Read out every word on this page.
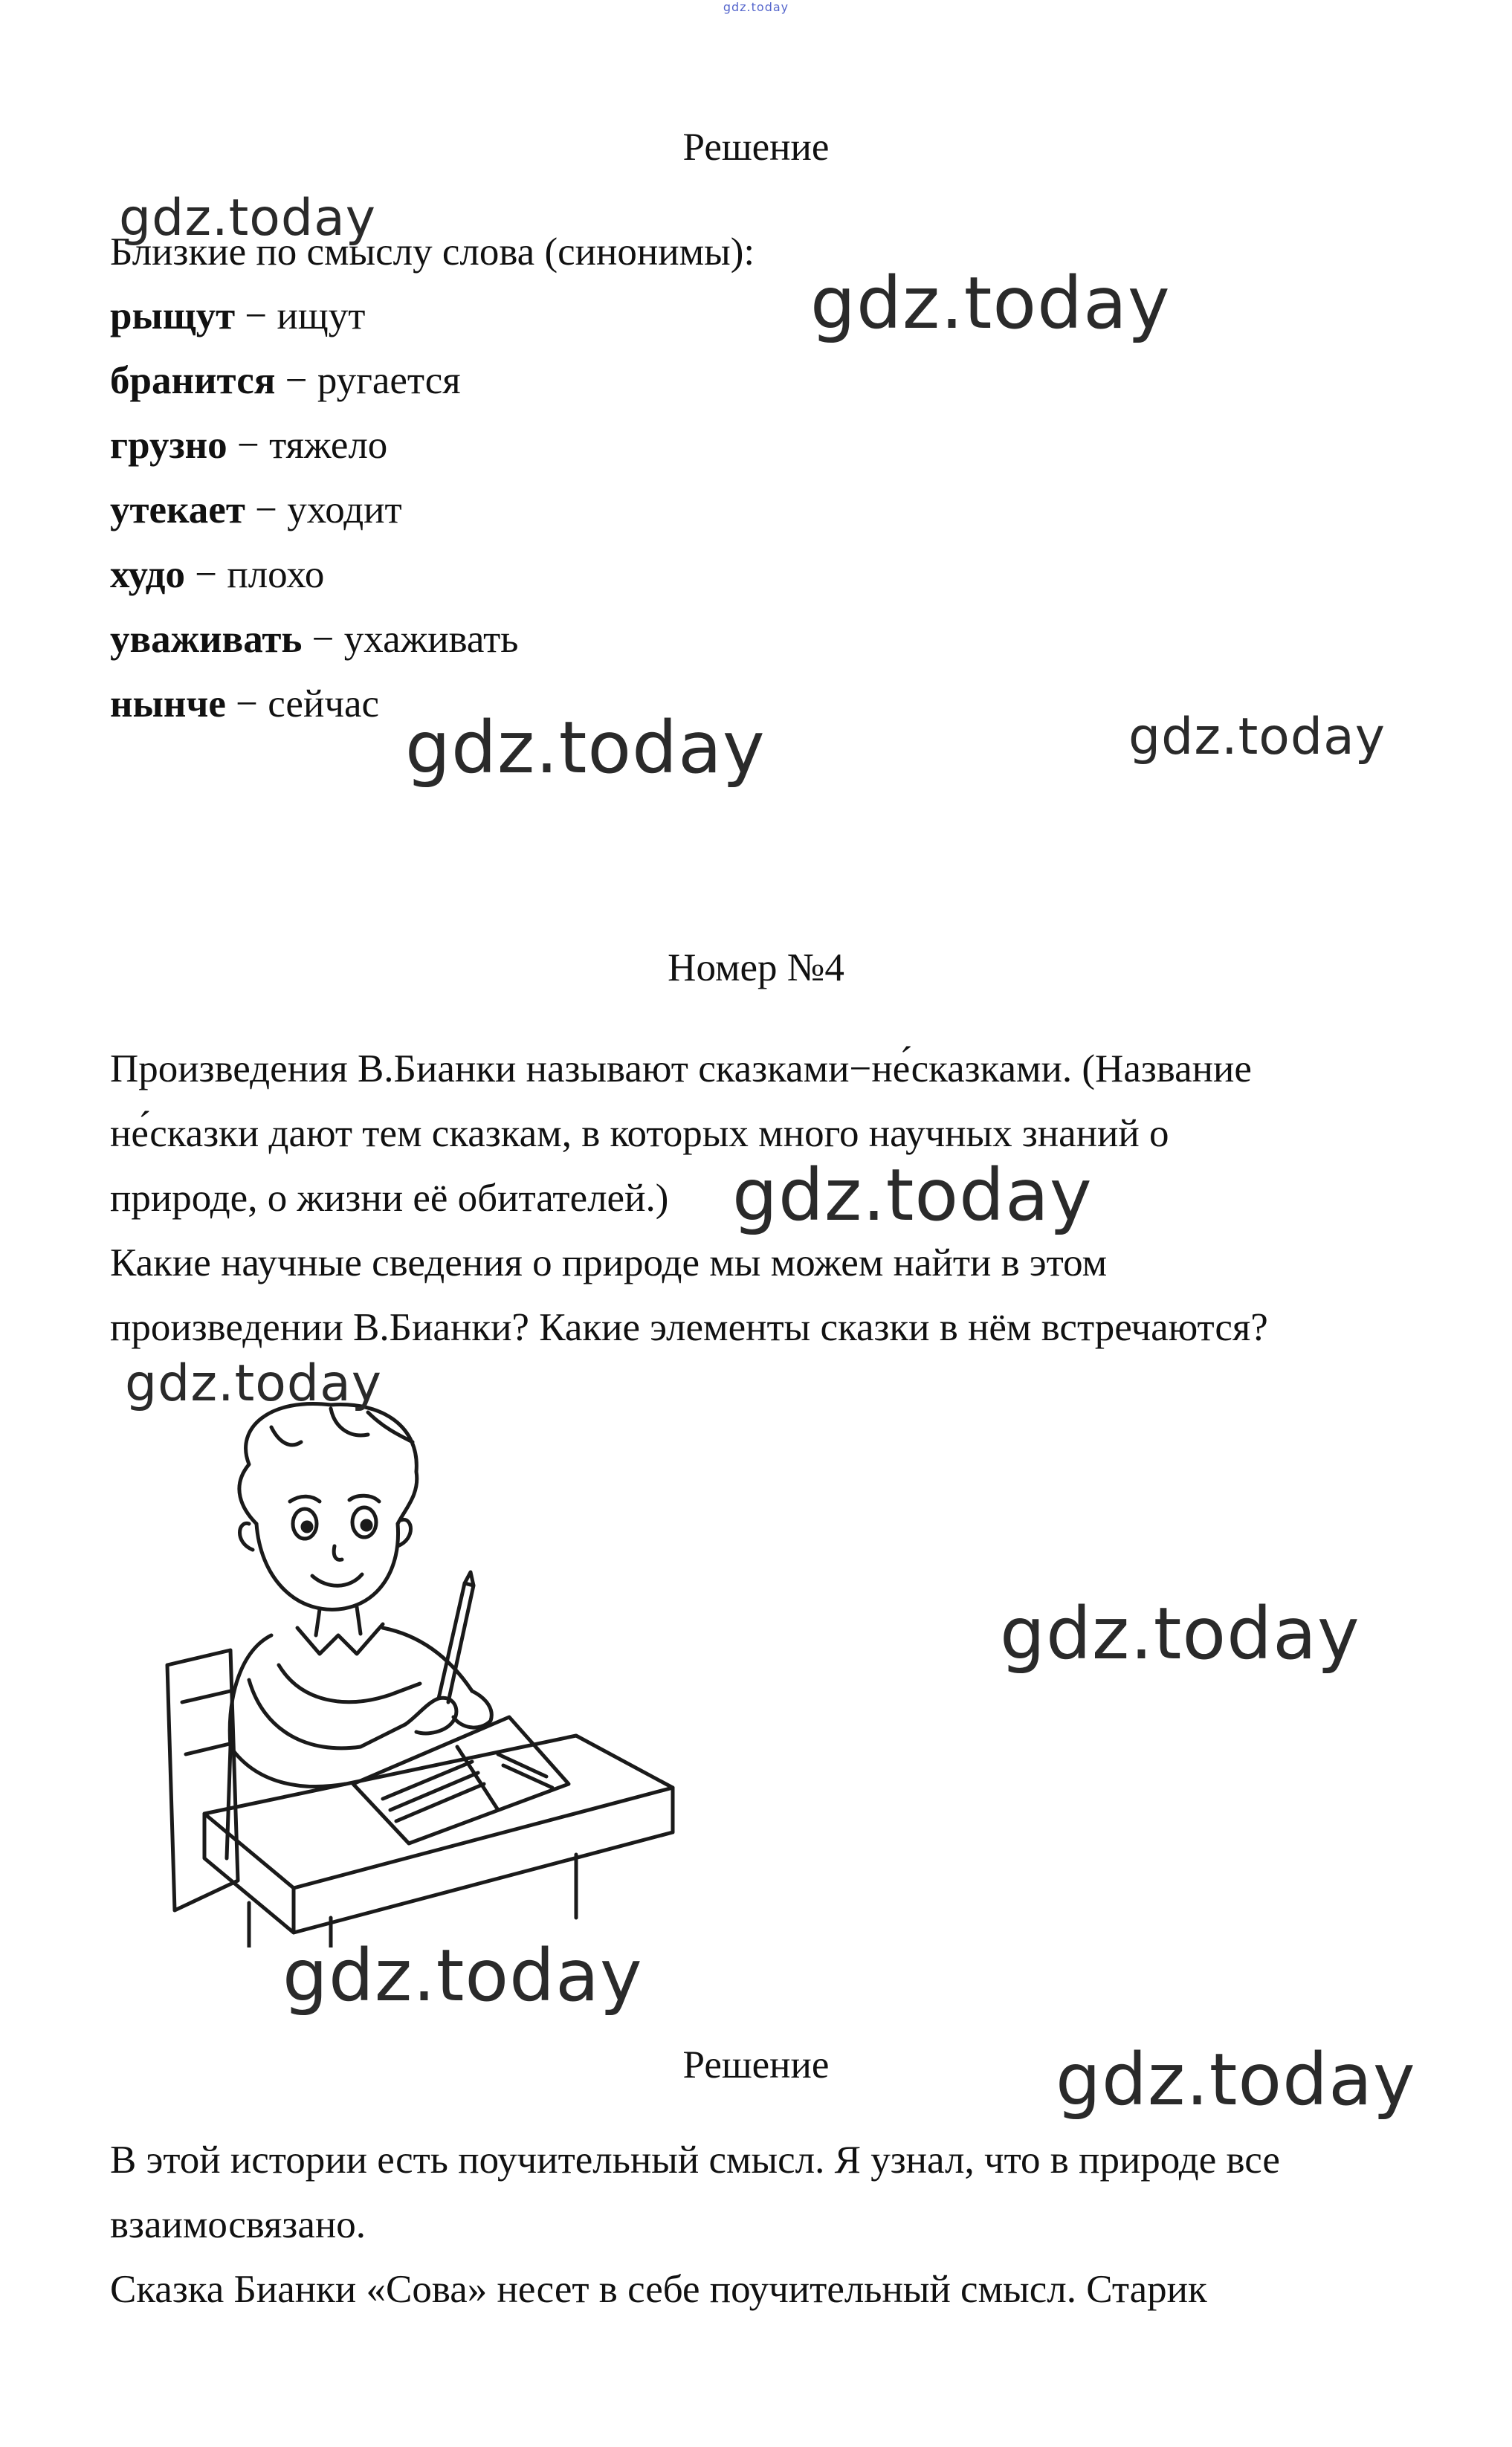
gdz.today
Решение
Близкие по смыслу слова (синонимы):
рыщут − ищут
бранится − ругается
грузно − тяжело
утекает − уходит
худо − плохо
уваживать − ухаживать
нынче − сейчас
Номер №4
Произведения В.Бианки называют сказками−не́сказками. (Название
не́сказки дают тем сказкам, в которых много научных знаний о
природе, о жизни её обитателей.)
Какие научные сведения о природе мы можем найти в этом
произведении В.Бианки? Какие элементы сказки в нём встречаются?
Решение
В этой истории есть поучительный смысл. Я узнал, что в природе все
взаимосвязано.
Сказка Бианки «Сова» несет в себе поучительный смысл. Старик
gdz.today
gdz.today
gdz.today	gdz.today
gdz.today
gdz.today
gdz.today
gdz.today
gdz.today
